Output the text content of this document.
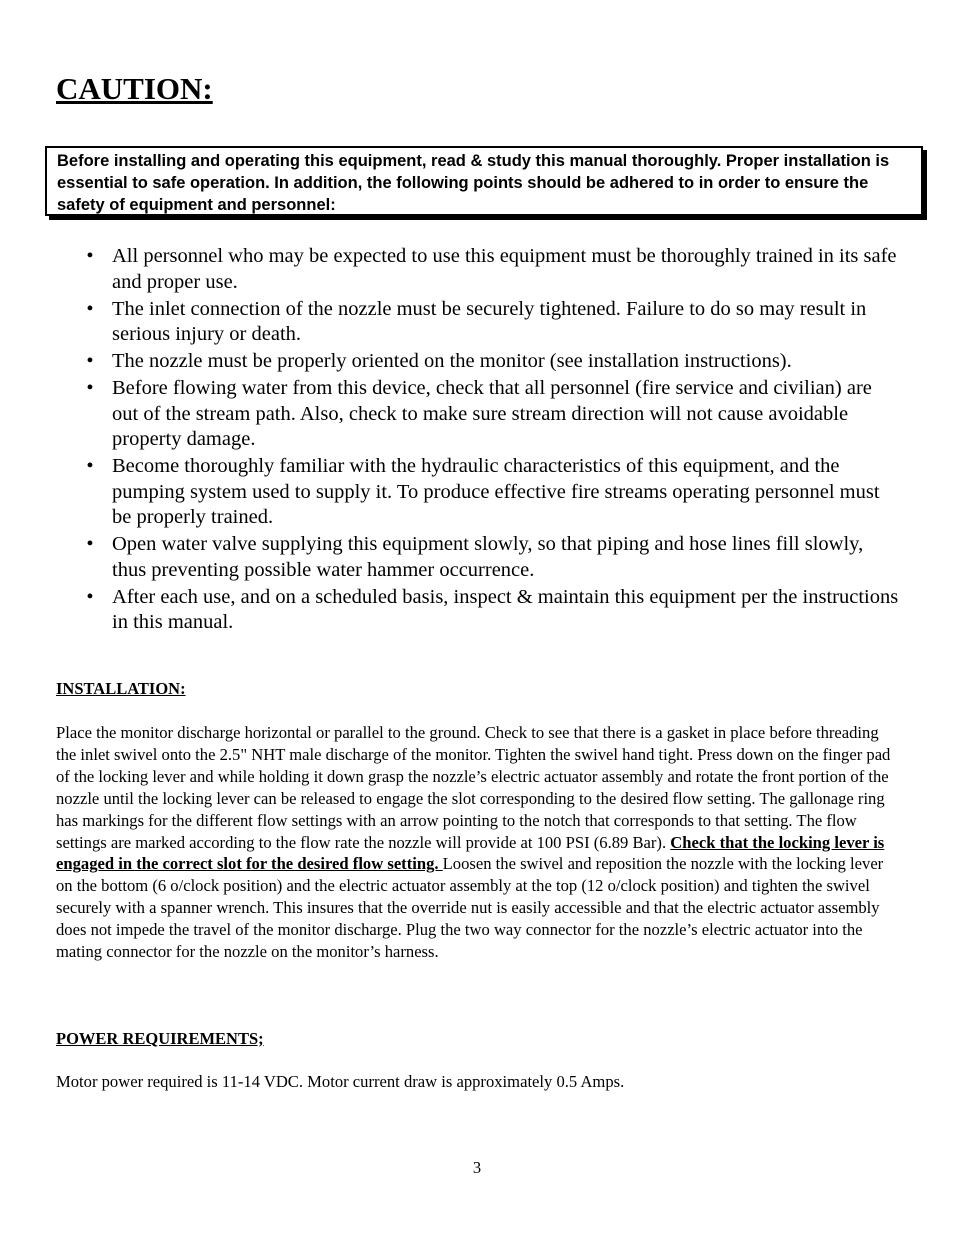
CAUTION:

Before installing and operating this equipment, read & study this manual thoroughly. Proper installation is essential to safe operation. In addition, the following points should be adhered to in order to ensure the safety of equipment and personnel:

• All personnel who may be expected to use this equipment must be thoroughly trained in its safe and proper use.
• The inlet connection of the nozzle must be securely tightened. Failure to do so may result in serious injury or death.
• The nozzle must be properly oriented on the monitor (see installation instructions).
• Before flowing water from this device, check that all personnel (fire service and civilian) are out of the stream path. Also, check to make sure stream direction will not cause avoidable property damage.
• Become thoroughly familiar with the hydraulic characteristics of this equipment, and the pumping system used to supply it. To produce effective fire streams operating personnel must be properly trained.
• Open water valve supplying this equipment slowly, so that piping and hose lines fill slowly, thus preventing possible water hammer occurrence.
• After each use, and on a scheduled basis, inspect & maintain this equipment per the instructions in this manual.
INSTALLATION:

Place the monitor discharge horizontal or parallel to the ground. Check to see that there is a gasket in place before threading the inlet swivel onto the 2.5" NHT male discharge of the monitor. Tighten the swivel hand tight. Press down on the finger pad of the locking lever and while holding it down grasp the nozzle’s electric actuator assembly and rotate the front portion of the nozzle until the locking lever can be released to engage the slot corresponding to the desired flow setting. The gallonage ring has markings for the different flow settings with an arrow pointing to the notch that corresponds to that setting. The flow settings are marked according to the flow rate the nozzle will provide at 100 PSI (6.89 Bar). Check that the locking lever is engaged in the correct slot for the desired flow setting. Loosen the swivel and reposition the nozzle with the locking lever on the bottom (6 o/clock position) and the electric actuator assembly at the top (12 o/clock position) and tighten the swivel securely with a spanner wrench. This insures that the override nut is easily accessible and that the electric actuator assembly does not impede the travel of the monitor discharge. Plug the two way connector for the nozzle’s electric actuator into the mating connector for the nozzle on the monitor’s harness.

POWER REQUIREMENTS;

Motor power required is 11-14 VDC. Motor current draw is approximately 0.5 Amps.

3
